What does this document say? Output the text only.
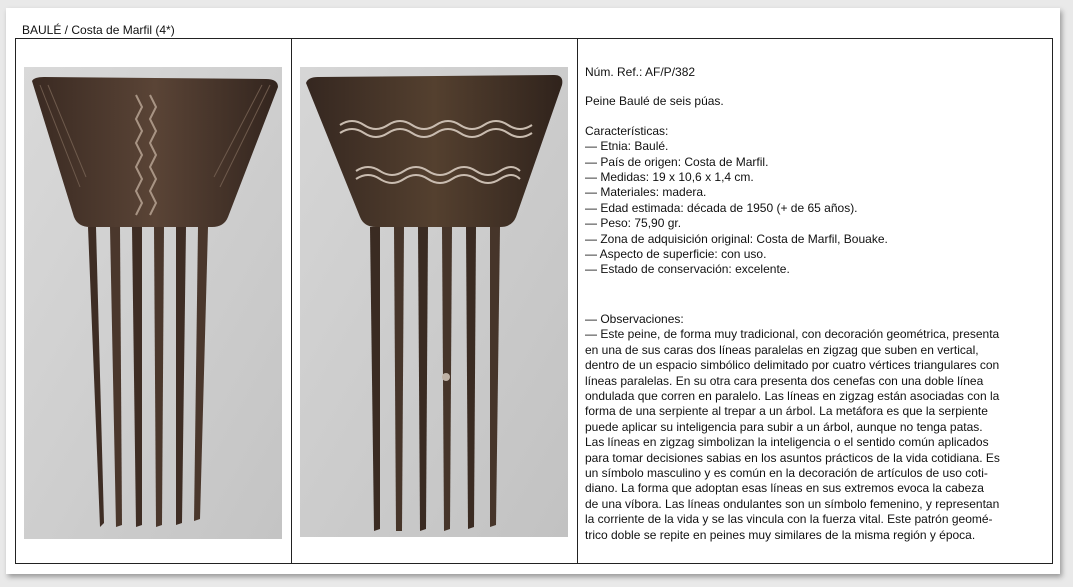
BAULÉ / Costa de Marfil (4*)

Núm. Ref.: AF/P/382

Peine Baulé de seis púas.

Características:

— Etnia: Baulé.
— País de origen: Costa de Marfil.
— Medidas: 19 x 10,6 x 1,4 cm.
— Materiales: madera.
— Edad estimada: década de 1950 (+ de 65 años).
— Peso: 75,90 gr.
— Zona de adquisición original: Costa de Marfil, Bouake.
— Aspecto de superficie: con uso.
— Estado de conservación: excelente.

— Observaciones:

— Este peine, de forma muy tradicional, con decoración geométrica, presenta
en una de sus caras dos líneas paralelas en zigzag que suben en vertical,
dentro de un espacio simbólico delimitado por cuatro vértices triangulares con
líneas paralelas. En su otra cara presenta dos cenefas con una doble línea
ondulada que corren en paralelo. Las líneas en zigzag están asociadas con la
forma de una serpiente al trepar a un árbol. La metáfora es que la serpiente
puede aplicar su inteligencia para subir a un árbol, aunque no tenga patas.
Las líneas en zigzag simbolizan la inteligencia o el sentido común aplicados
para tomar decisiones sabias en los asuntos prácticos de la vida cotidiana. Es
un símbolo masculino y es común en la decoración de artículos de uso coti-
diano. La forma que adoptan esas líneas en sus extremos evoca la cabeza
de una víbora. Las líneas ondulantes son un símbolo femenino, y representan
la corriente de la vida y se las vincula con la fuerza vital. Este patrón geomé-
trico doble se repite en peines muy similares de la misma región y época.
